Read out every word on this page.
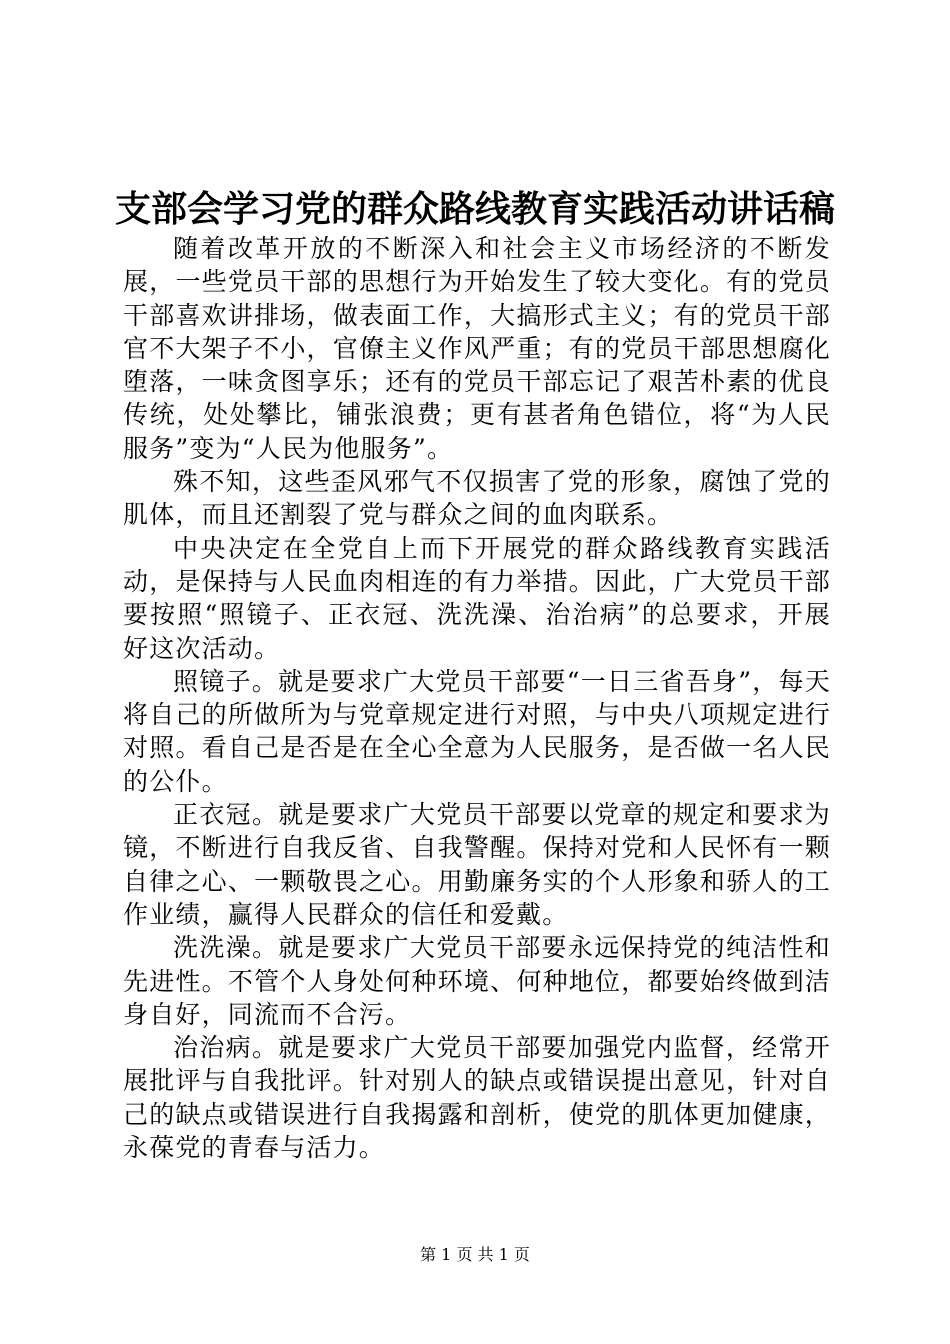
支部会学习党的群众路线教育实践活动讲话稿

随着改革开放的不断深入和社会主义市场经济的不断发展，一些党员干部的思想行为开始发生了较大变化。有的党员干部喜欢讲排场，做表面工作，大搞形式主义；有的党员干部官不大架子不小，官僚主义作风严重；有的党员干部思想腐化堕落，一味贪图享乐；还有的党员干部忘记了艰苦朴素的优良传统，处处攀比，铺张浪费；更有甚者角色错位，将“为人民服务”变为“人民为他服务”。

殊不知，这些歪风邪气不仅损害了党的形象，腐蚀了党的肌体，而且还割裂了党与群众之间的血肉联系。

中央决定在全党自上而下开展党的群众路线教育实践活动，是保持与人民血肉相连的有力举措。因此，广大党员干部要按照“照镜子、正衣冠、洗洗澡、治治病”的总要求，开展好这次活动。

照镜子。就是要求广大党员干部要“一日三省吾身”，每天将自己的所做所为与党章规定进行对照，与中央八项规定进行对照。看自己是否是在全心全意为人民服务，是否做一名人民的公仆。

正衣冠。就是要求广大党员干部要以党章的规定和要求为镜，不断进行自我反省、自我警醒。保持对党和人民怀有一颗自律之心、一颗敬畏之心。用勤廉务实的个人形象和骄人的工作业绩，赢得人民群众的信任和爱戴。

洗洗澡。就是要求广大党员干部要永远保持党的纯洁性和先进性。不管个人身处何种环境、何种地位，都要始终做到洁身自好，同流而不合污。

治治病。就是要求广大党员干部要加强党内监督，经常开展批评与自我批评。针对别人的缺点或错误提出意见，针对自己的缺点或错误进行自我揭露和剖析，使党的肌体更加健康，永葆党的青春与活力。

第 1 页 共 1 页
